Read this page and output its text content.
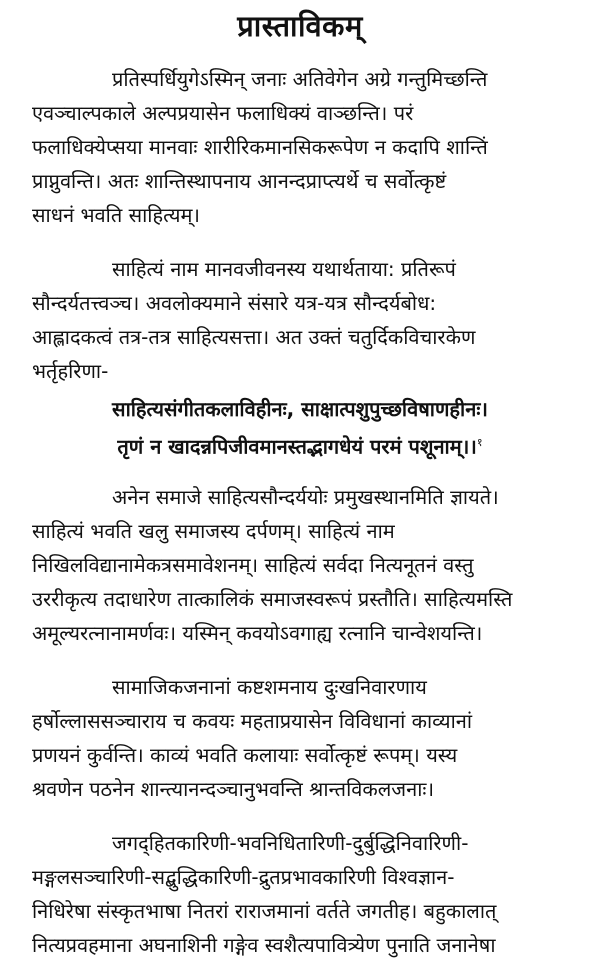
प्रास्ताविकम्
प्रतिस्पर्धियुगेऽस्मिन् जनाः अतिवेगेन अग्रे गन्तुमिच्छन्ति
एवञ्चाल्पकाले अल्पप्रयासेन फलाधिक्यं वाञ्छन्ति। परं
फलाधिक्येप्सया मानवाः शारीरिकमानसिकरूपेण न कदापि शान्तिं
प्राप्नुवन्ति। अतः शान्तिस्थापनाय आनन्दप्राप्त्यर्थे च सर्वोत्कृष्टं
साधनं भवति साहित्यम्।
साहित्यं नाम मानवजीवनस्य यथार्थताया: प्रतिरूपं
सौन्दर्यतत्त्वञ्च। अवलोक्यमाने संसारे यत्र-यत्र सौन्दर्यबोध:
आह्लादकत्वं तत्र-तत्र साहित्यसत्ता। अत उक्तं चतुर्दिकविचारकेण
भर्तृहरिणा-
साहित्यसंगीतकलाविहीनः, साक्षात्पशुपुच्छविषाणहीनः।
तृणं न खादन्नपिजीवमानस्तद्भागधेयं परमं पशूनाम्।।$^१$
अनेन समाजे साहित्यसौन्दर्ययोः प्रमुखस्थानमिति ज्ञायते।
साहित्यं भवति खलु समाजस्य दर्पणम्। साहित्यं नाम
निखिलविद्यानामेकत्रसमावेशनम्। साहित्यं सर्वदा नित्यनूतनं वस्तु
उररीकृत्य तदाधारेण तात्कालिकं समाजस्वरूपं प्रस्तौति। साहित्यमस्ति
अमूल्यरत्नानामर्णवः। यस्मिन् कवयोऽवगाह्य रत्नानि चान्वेशयन्ति।
सामाजिकजनानां कष्टशमनाय दुःखनिवारणाय
हर्षोल्लाससञ्चाराय च कवयः महताप्रयासेन विविधानां काव्यानां
प्रणयनं कुर्वन्ति। काव्यं भवति कलायाः सर्वोत्कृष्टं रूपम्। यस्य
श्रवणेन पठनेन शान्त्यानन्दञ्चानुभवन्ति श्रान्तविकलजनाः।
जगद्हितकारिणी-भवनिधितारिणी-दुर्बुद्धिनिवारिणी-
मङ्गलसञ्चारिणी-सद्बुद्धिकारिणी-द्रुतप्रभावकारिणी विश्वज्ञान-
निधिरेषा संस्कृतभाषा नितरां राराजमानां वर्तते जगतीह। बहुकालात्
नित्यप्रवहमाना अघनाशिनी गङ्गेव स्वशैत्यपावित्र्येण पुनाति जनानेषा
